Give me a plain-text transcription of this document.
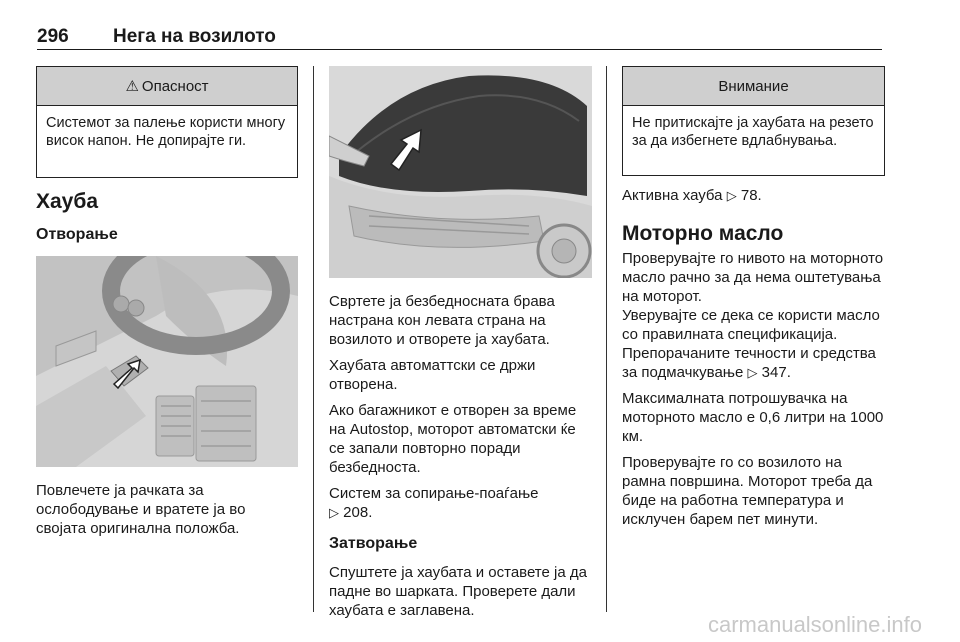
296 Нега на возилото
⚠ Опасност
Системот за палење користи многу висок напон. Не допирајте ги.
Хауба
Отворање

Повлечете ја рачката за ослободување и вратете ја во својата оригинална положба.

Свртете ја безбедносната брава настрана кон левата страна на возилото и отворете ја хаубата.

Хаубата автоматтски се држи отворена.

Ако багажникот е отворен за време на Autostop, моторот автоматски ќе се запали повторно поради безбедноста.

Систем за сопирање-поаѓање
▷ 208.

Затворање

Спуштете ја хаубата и оставете ја да падне во шарката. Проверете дали хаубата е заглавена.

Внимание
Не притискајте ја хаубата на резето за да избегнете вдлабнувања.

Активна хауба ▷ 78.

Моторно масло

Проверувајте го нивото на моторното масло рачно за да нема оштетувања на моторот.

Уверувајте се дека се користи масло со правилната спецификација. Препорачаните течности и средства за подмачкување ▷ 347.

Максималната потрошувачка на моторното масло е 0,6 литри на 1000 км.

Проверувајте го со возилото на рамна површина. Моторот треба да биде на работна температура и исклучен барем пет минути.

carmanualsonline.info
